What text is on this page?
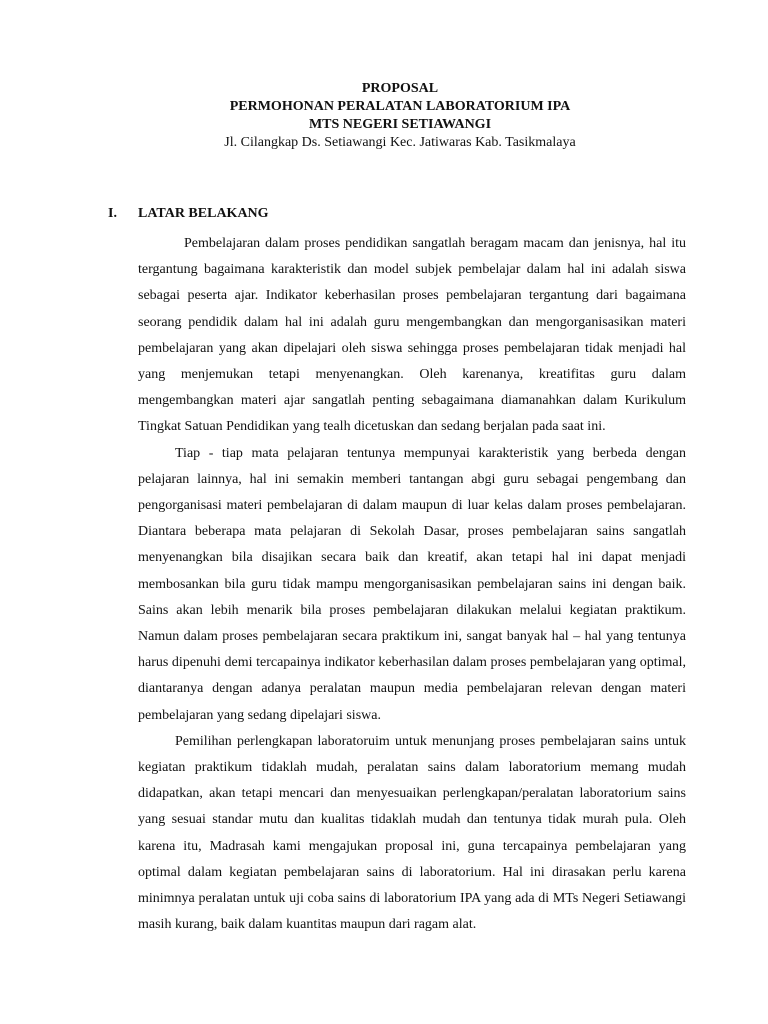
PROPOSAL
PERMOHONAN PERALATAN LABORATORIUM IPA
MTS NEGERI SETIAWANGI
Jl. Cilangkap Ds. Setiawangi Kec. Jatiwaras Kab. Tasikmalaya
I. LATAR BELAKANG

Pembelajaran dalam proses pendidikan sangatlah beragam macam dan jenisnya, hal itu tergantung bagaimana karakteristik dan model subjek pembelajar dalam hal ini adalah siswa sebagai peserta ajar. Indikator keberhasilan proses pembelajaran tergantung dari bagaimana seorang pendidik dalam hal ini adalah guru mengembangkan dan mengorganisasikan materi pembelajaran yang akan dipelajari oleh siswa sehingga proses pembelajaran tidak menjadi hal yang menjemukan tetapi menyenangkan. Oleh karenanya, kreatifitas guru dalam mengembangkan materi ajar sangatlah penting sebagaimana diamanahkan dalam Kurikulum Tingkat Satuan Pendidikan yang tealh dicetuskan dan sedang berjalan pada saat ini.

Tiap - tiap mata pelajaran tentunya mempunyai karakteristik yang berbeda dengan pelajaran lainnya, hal ini semakin memberi tantangan abgi guru sebagai pengembang dan pengorganisasi materi pembelajaran di dalam maupun di luar kelas dalam proses pembelajaran. Diantara beberapa mata pelajaran di Sekolah Dasar, proses pembelajaran sains sangatlah menyenangkan bila disajikan secara baik dan kreatif, akan tetapi hal ini dapat menjadi membosankan bila guru tidak mampu mengorganisasikan pembelajaran sains ini dengan baik. Sains akan lebih menarik bila proses pembelajaran dilakukan melalui kegiatan praktikum. Namun dalam proses pembelajaran secara praktikum ini, sangat banyak hal – hal yang tentunya harus dipenuhi demi tercapainya indikator keberhasilan dalam proses pembelajaran yang optimal, diantaranya dengan adanya peralatan maupun media pembelajaran relevan dengan materi pembelajaran yang sedang dipelajari siswa.

Pemilihan perlengkapan laboratoruim untuk menunjang proses pembelajaran sains untuk kegiatan praktikum tidaklah mudah, peralatan sains dalam laboratorium memang mudah didapatkan, akan tetapi mencari dan menyesuaikan perlengkapan/peralatan laboratorium sains yang sesuai standar mutu dan kualitas tidaklah mudah dan tentunya tidak murah pula. Oleh karena itu, Madrasah kami mengajukan proposal ini, guna tercapainya pembelajaran yang optimal dalam kegiatan pembelajaran sains di laboratorium. Hal ini dirasakan perlu karena minimnya peralatan untuk uji coba sains di laboratorium IPA yang ada di MTs Negeri Setiawangi masih kurang, baik dalam kuantitas maupun dari ragam alat.
